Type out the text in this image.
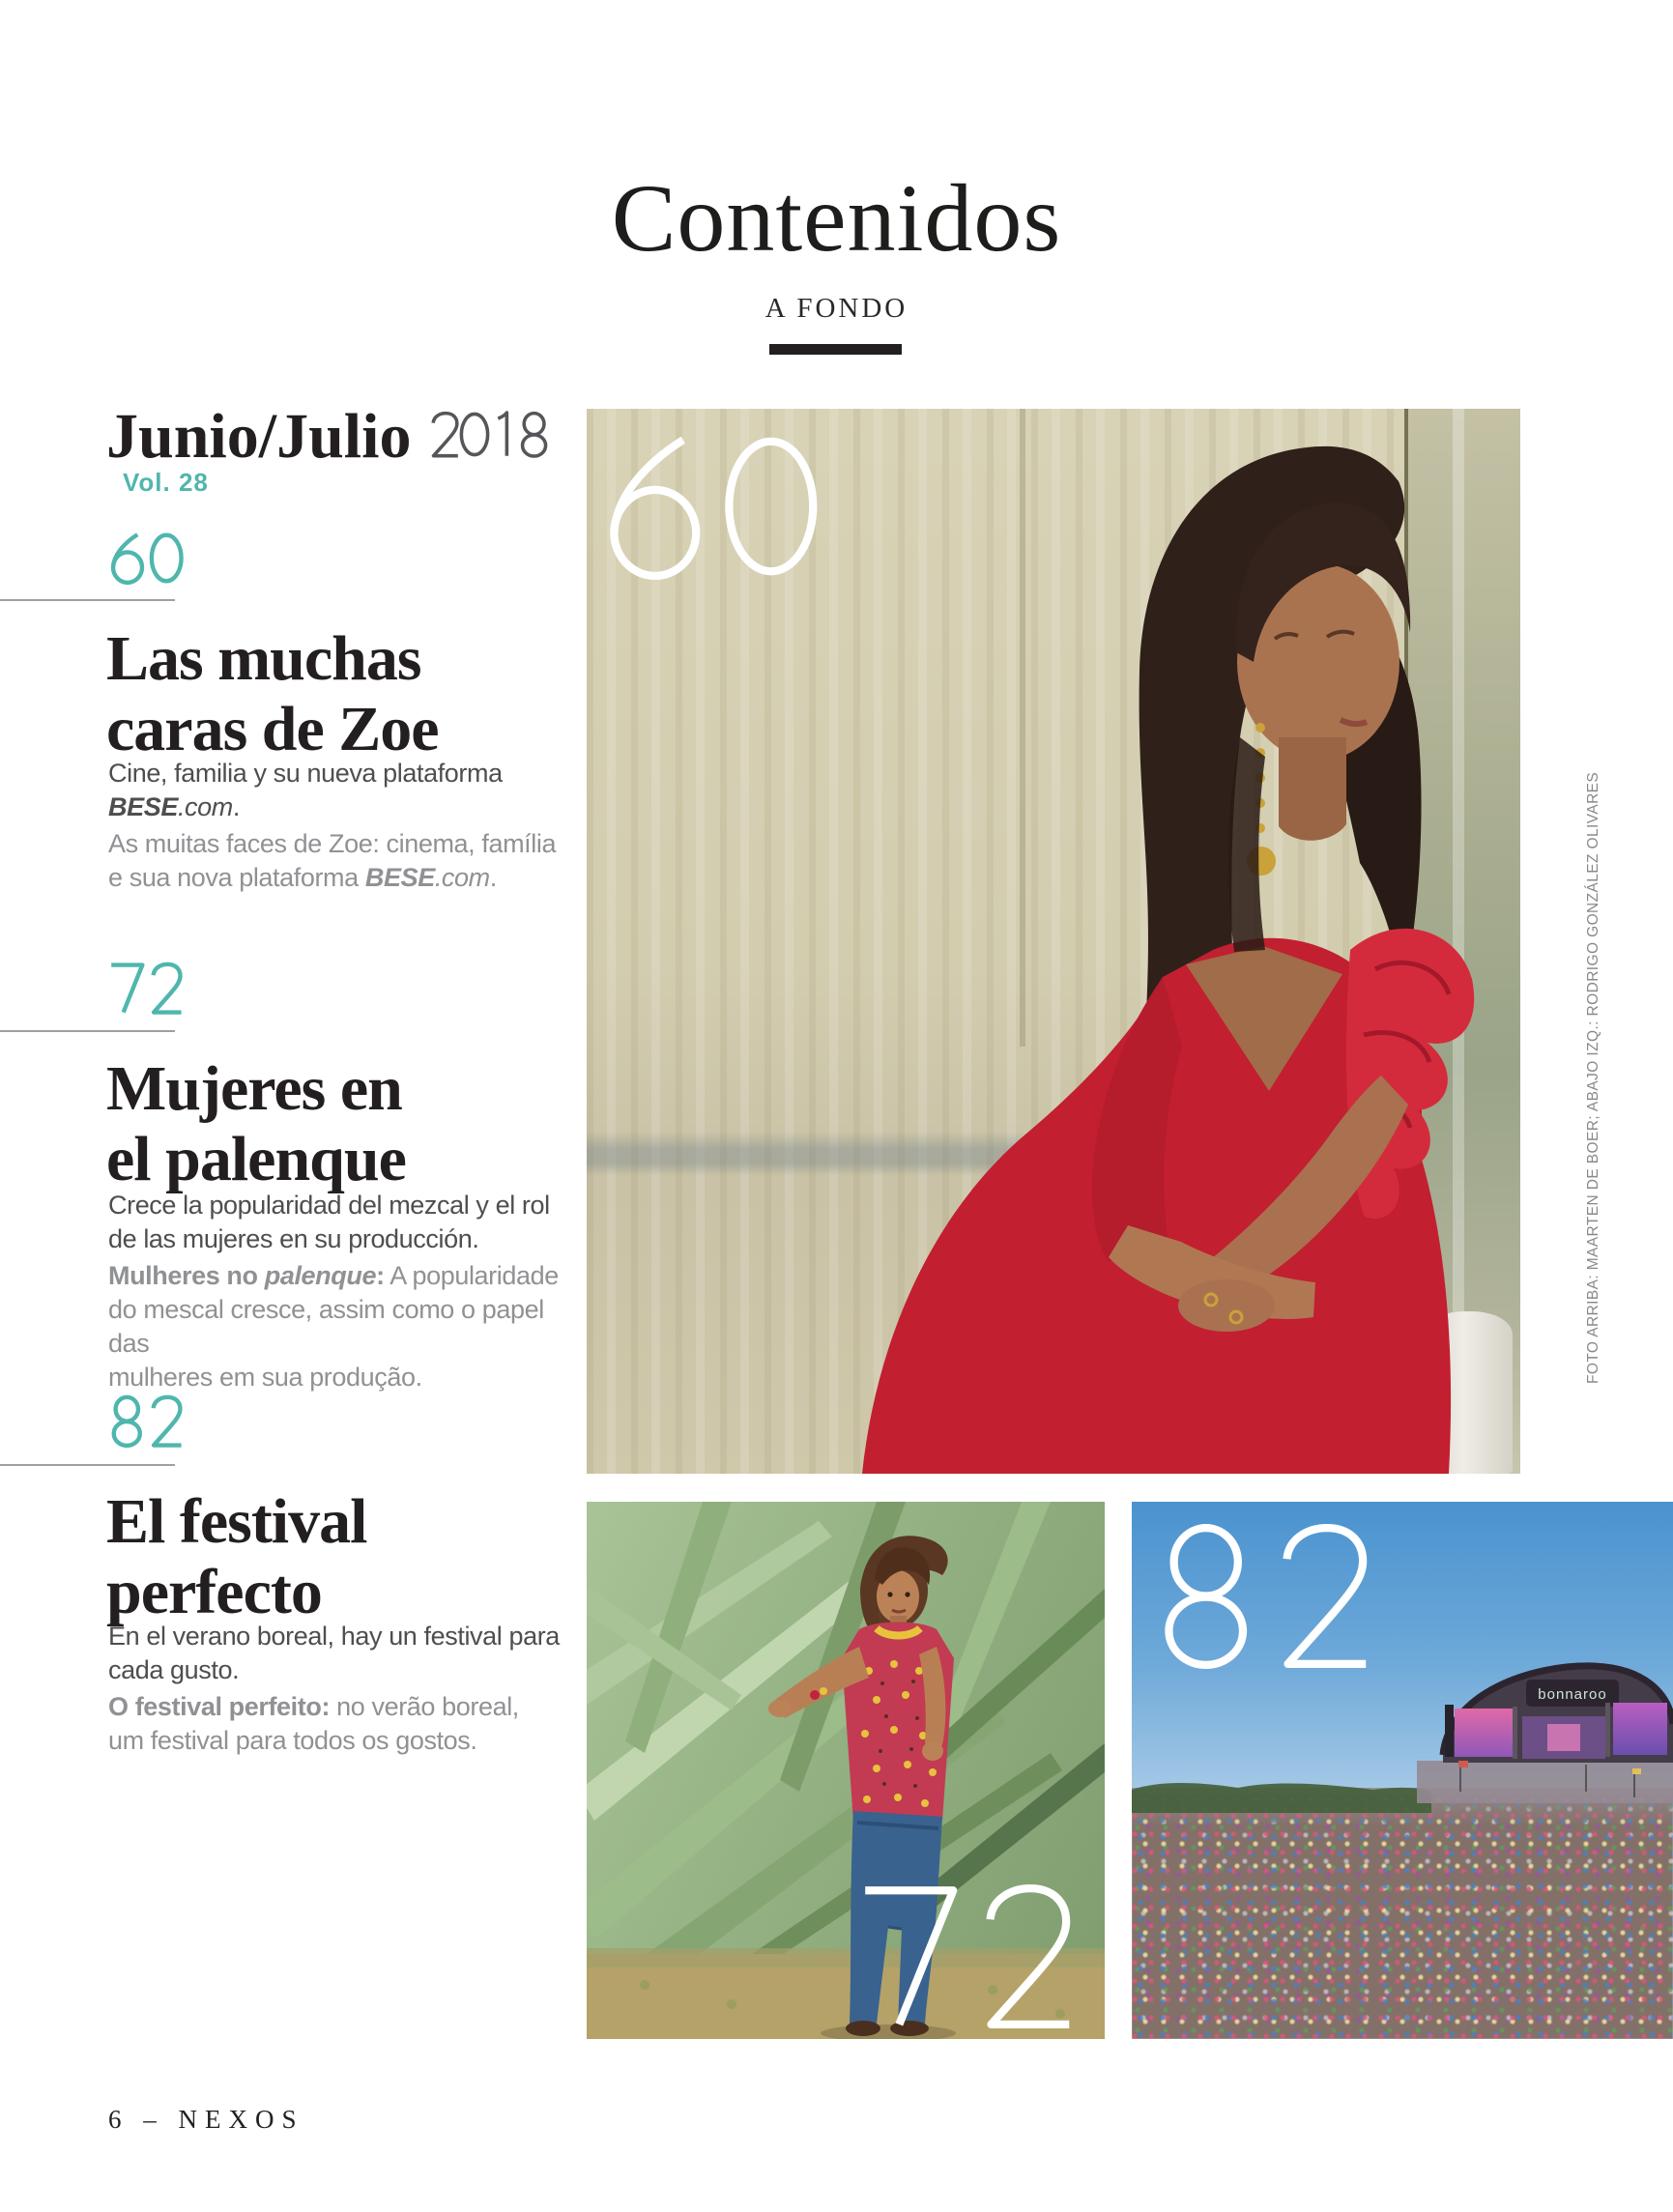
Contenidos
A FONDO
Junio/Julio
Vol. 28
Las muchas
caras de Zoe

Cine, familia y su nueva plataforma
BESE.com.

As muitas faces de Zoe: cinema, família
e sua nova plataforma BESE.com.

Mujeres en
el palenque

Crece la popularidad del mezcal y el rol
de las mujeres en su producción.

Mulheres no palenque: A popularidade
do mescal cresce, assim como o papel das
mulheres em sua produção.

El festival
perfecto

En el verano boreal, hay un festival para
cada gusto.

O festival perfeito: no verão boreal,
um festival para todos os gostos.

bonnaroo
FOTO ARRIBA: MAARTEN DE BOER; ABAJO IZQ.: RODRIGO GONZÁLEZ OLIVARES
6 – NEXOS
